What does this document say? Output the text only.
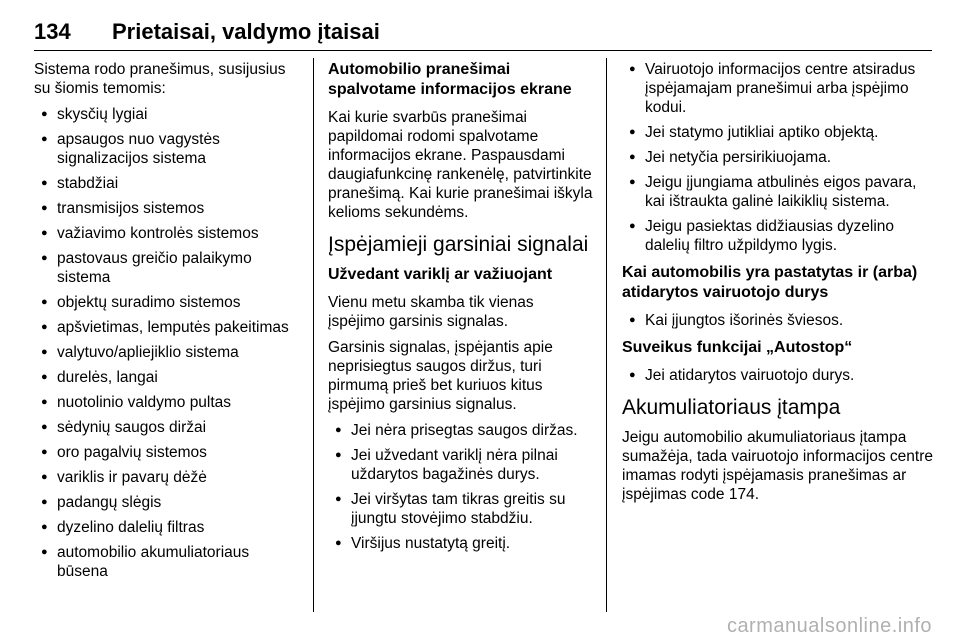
134 Prietaisai, valdymo įtaisai

Sistema rodo pranešimus, susijusius su šiomis temomis:

● skysčių lygiai
● apsaugos nuo vagystės signalizacijos sistema
● stabdžiai
● transmisijos sistemos
● važiavimo kontrolės sistemos
● pastovaus greičio palaikymo sistema
● objektų suradimo sistemos
● apšvietimas, lemputės pakeitimas
● valytuvo/apliejiklio sistema
● durelės, langai
● nuotolinio valdymo pultas
● sėdynių saugos diržai
● oro pagalvių sistemos
● variklis ir pavarų dėžė
● padangų slėgis
● dyzelino dalelių filtras
● automobilio akumuliatoriaus būsena
Automobilio pranešimai spalvotame informacijos ekrane

Kai kurie svarbūs pranešimai papildomai rodomi spalvotame informacijos ekrane. Paspausdami daugiafunkcinę rankenėlę, patvirtinkite pranešimą. Kai kurie pranešimai iškyla kelioms sekundėms.

Įspėjamieji garsiniai signalai
Užvedant variklį ar važiuojant

Vienu metu skamba tik vienas įspėjimo garsinis signalas.

Garsinis signalas, įspėjantis apie neprisiegtus saugos diržus, turi pirmumą prieš bet kuriuos kitus įspėjimo garsinius signalus.

● Jei nėra prisegtas saugos diržas.
● Jei užvedant variklį nėra pilnai uždarytos bagažinės durys.
● Jei viršytas tam tikras greitis su įjungtu stovėjimo stabdžiu.
● Viršijus nustatytą greitį.
● Vairuotojo informacijos centre atsiradus įspėjamajam pranešimui arba įspėjimo kodui.
● Jei statymo jutikliai aptiko objektą.
● Jei netyčia persirikiuojama.
● Jeigu įjungiama atbulinės eigos pavara, kai ištraukta galinė laikiklių sistema.
● Jeigu pasiektas didžiausias dyzelino dalelių filtro užpildymo lygis.
Kai automobilis yra pastatytas ir (arba) atidarytos vairuotojo durys
● Kai įjungtos išorinės šviesos.
Suveikus funkcijai „Autostop“
● Jei atidarytos vairuotojo durys.
Akumuliatoriaus įtampa

Jeigu automobilio akumuliatoriaus įtampa sumažėja, tada vairuotojo informacijos centre imamas rodyti įspėjamasis pranešimas ar įspėjimas code 174.

carmanualsonline.info
